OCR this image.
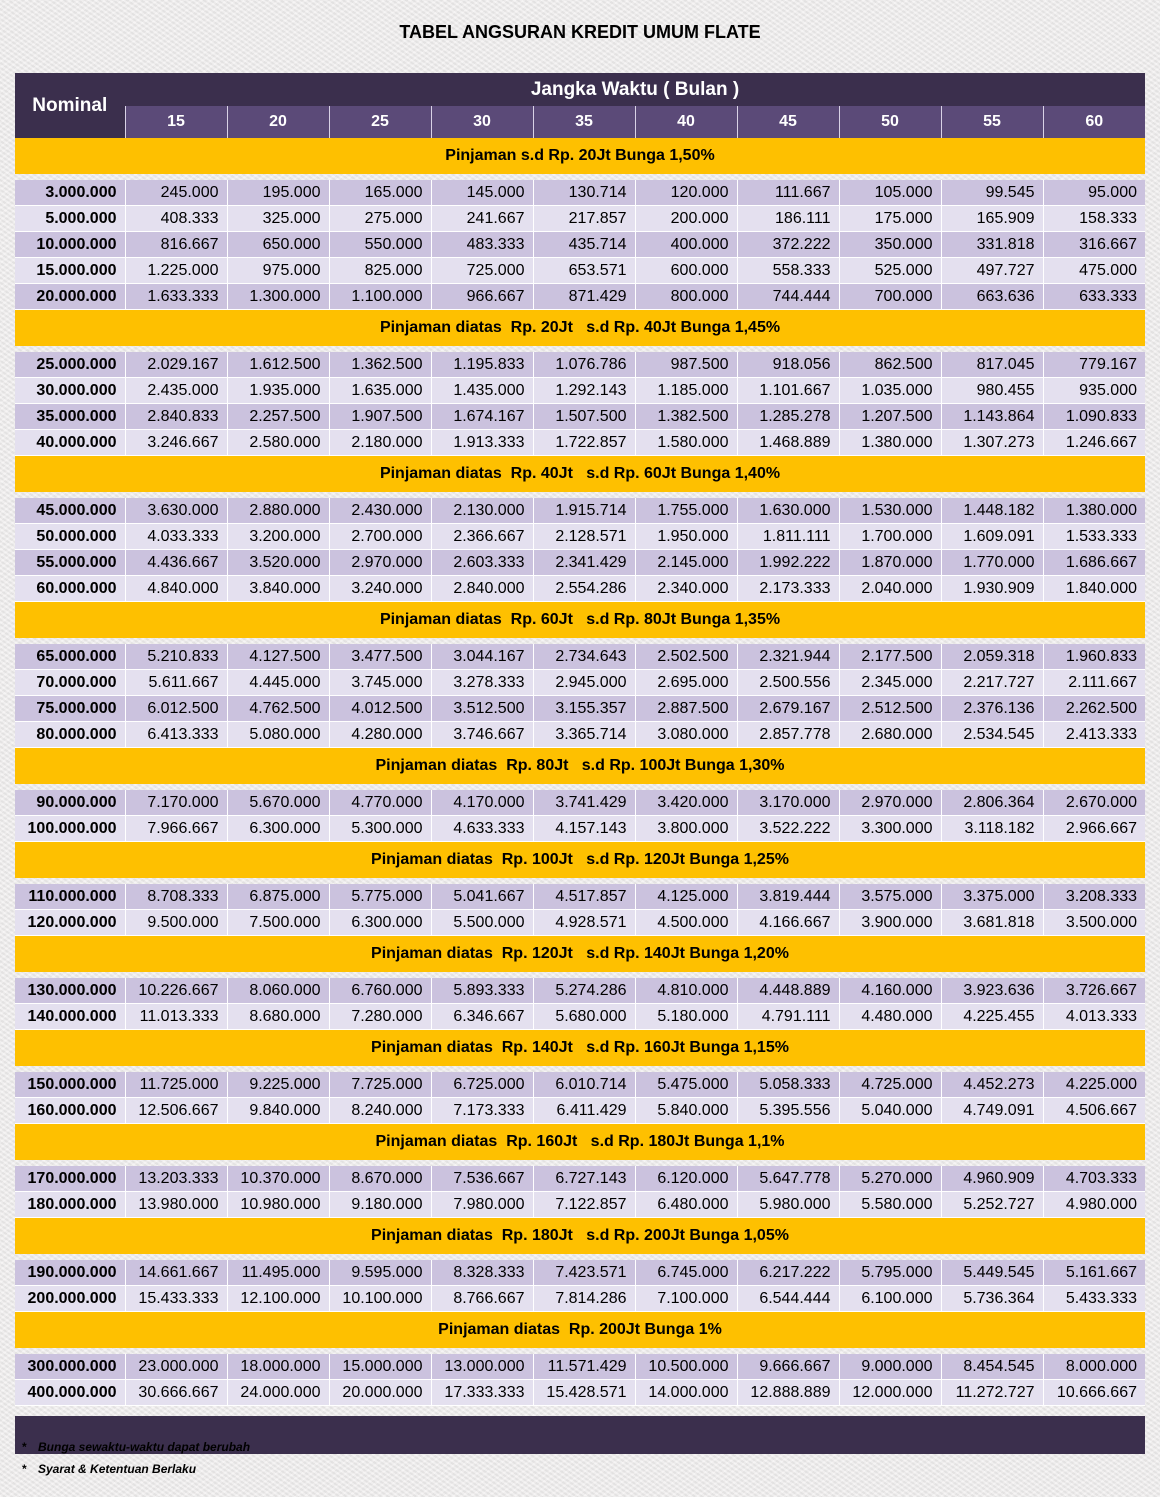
TABEL ANGSURAN KREDIT UMUM FLATE
Nominal	Jangka Waktu ( Bulan )									
	15	20	25	30	35	40	45	50	55	60
Pinjaman s.d Rp. 20Jt Bunga 1,50%										

3.000.000	245.000	195.000	165.000	145.000	130.714	120.000	111.667	105.000	99.545	95.000
5.000.000	408.333	325.000	275.000	241.667	217.857	200.000	186.111	175.000	165.909	158.333
10.000.000	816.667	650.000	550.000	483.333	435.714	400.000	372.222	350.000	331.818	316.667
15.000.000	1.225.000	975.000	825.000	725.000	653.571	600.000	558.333	525.000	497.727	475.000
20.000.000	1.633.333	1.300.000	1.100.000	966.667	871.429	800.000	744.444	700.000	663.636	633.333
Pinjaman diatas  Rp. 20Jt   s.d Rp. 40Jt Bunga 1,45%										

25.000.000	2.029.167	1.612.500	1.362.500	1.195.833	1.076.786	987.500	918.056	862.500	817.045	779.167
30.000.000	2.435.000	1.935.000	1.635.000	1.435.000	1.292.143	1.185.000	1.101.667	1.035.000	980.455	935.000
35.000.000	2.840.833	2.257.500	1.907.500	1.674.167	1.507.500	1.382.500	1.285.278	1.207.500	1.143.864	1.090.833
40.000.000	3.246.667	2.580.000	2.180.000	1.913.333	1.722.857	1.580.000	1.468.889	1.380.000	1.307.273	1.246.667
Pinjaman diatas  Rp. 40Jt   s.d Rp. 60Jt Bunga 1,40%										

45.000.000	3.630.000	2.880.000	2.430.000	2.130.000	1.915.714	1.755.000	1.630.000	1.530.000	1.448.182	1.380.000
50.000.000	4.033.333	3.200.000	2.700.000	2.366.667	2.128.571	1.950.000	1.811.111	1.700.000	1.609.091	1.533.333
55.000.000	4.436.667	3.520.000	2.970.000	2.603.333	2.341.429	2.145.000	1.992.222	1.870.000	1.770.000	1.686.667
60.000.000	4.840.000	3.840.000	3.240.000	2.840.000	2.554.286	2.340.000	2.173.333	2.040.000	1.930.909	1.840.000
Pinjaman diatas  Rp. 60Jt   s.d Rp. 80Jt Bunga 1,35%										

65.000.000	5.210.833	4.127.500	3.477.500	3.044.167	2.734.643	2.502.500	2.321.944	2.177.500	2.059.318	1.960.833
70.000.000	5.611.667	4.445.000	3.745.000	3.278.333	2.945.000	2.695.000	2.500.556	2.345.000	2.217.727	2.111.667
75.000.000	6.012.500	4.762.500	4.012.500	3.512.500	3.155.357	2.887.500	2.679.167	2.512.500	2.376.136	2.262.500
80.000.000	6.413.333	5.080.000	4.280.000	3.746.667	3.365.714	3.080.000	2.857.778	2.680.000	2.534.545	2.413.333
Pinjaman diatas  Rp. 80Jt   s.d Rp. 100Jt Bunga 1,30%										

90.000.000	7.170.000	5.670.000	4.770.000	4.170.000	3.741.429	3.420.000	3.170.000	2.970.000	2.806.364	2.670.000
100.000.000	7.966.667	6.300.000	5.300.000	4.633.333	4.157.143	3.800.000	3.522.222	3.300.000	3.118.182	2.966.667
Pinjaman diatas  Rp. 100Jt   s.d Rp. 120Jt Bunga 1,25%										

110.000.000	8.708.333	6.875.000	5.775.000	5.041.667	4.517.857	4.125.000	3.819.444	3.575.000	3.375.000	3.208.333
120.000.000	9.500.000	7.500.000	6.300.000	5.500.000	4.928.571	4.500.000	4.166.667	3.900.000	3.681.818	3.500.000
Pinjaman diatas  Rp. 120Jt   s.d Rp. 140Jt Bunga 1,20%										

130.000.000	10.226.667	8.060.000	6.760.000	5.893.333	5.274.286	4.810.000	4.448.889	4.160.000	3.923.636	3.726.667
140.000.000	11.013.333	8.680.000	7.280.000	6.346.667	5.680.000	5.180.000	4.791.111	4.480.000	4.225.455	4.013.333
Pinjaman diatas  Rp. 140Jt   s.d Rp. 160Jt Bunga 1,15%										

150.000.000	11.725.000	9.225.000	7.725.000	6.725.000	6.010.714	5.475.000	5.058.333	4.725.000	4.452.273	4.225.000
160.000.000	12.506.667	9.840.000	8.240.000	7.173.333	6.411.429	5.840.000	5.395.556	5.040.000	4.749.091	4.506.667
Pinjaman diatas  Rp. 160Jt   s.d Rp. 180Jt Bunga 1,1%										

170.000.000	13.203.333	10.370.000	8.670.000	7.536.667	6.727.143	6.120.000	5.647.778	5.270.000	4.960.909	4.703.333
180.000.000	13.980.000	10.980.000	9.180.000	7.980.000	7.122.857	6.480.000	5.980.000	5.580.000	5.252.727	4.980.000
Pinjaman diatas  Rp. 180Jt   s.d Rp. 200Jt Bunga 1,05%										

190.000.000	14.661.667	11.495.000	9.595.000	8.328.333	7.423.571	6.745.000	6.217.222	5.795.000	5.449.545	5.161.667
200.000.000	15.433.333	12.100.000	10.100.000	8.766.667	7.814.286	7.100.000	6.544.444	6.100.000	5.736.364	5.433.333
Pinjaman diatas  Rp. 200Jt Bunga 1%										

300.000.000	23.000.000	18.000.000	15.000.000	13.000.000	11.571.429	10.500.000	9.666.667	9.000.000	8.454.545	8.000.000
400.000.000	30.666.667	24.000.000	20.000.000	17.333.333	15.428.571	14.000.000	12.888.889	12.000.000	11.272.727	10.666.667

* Bunga sewaktu-waktu dapat berubah
* Syarat & Ketentuan Berlaku
